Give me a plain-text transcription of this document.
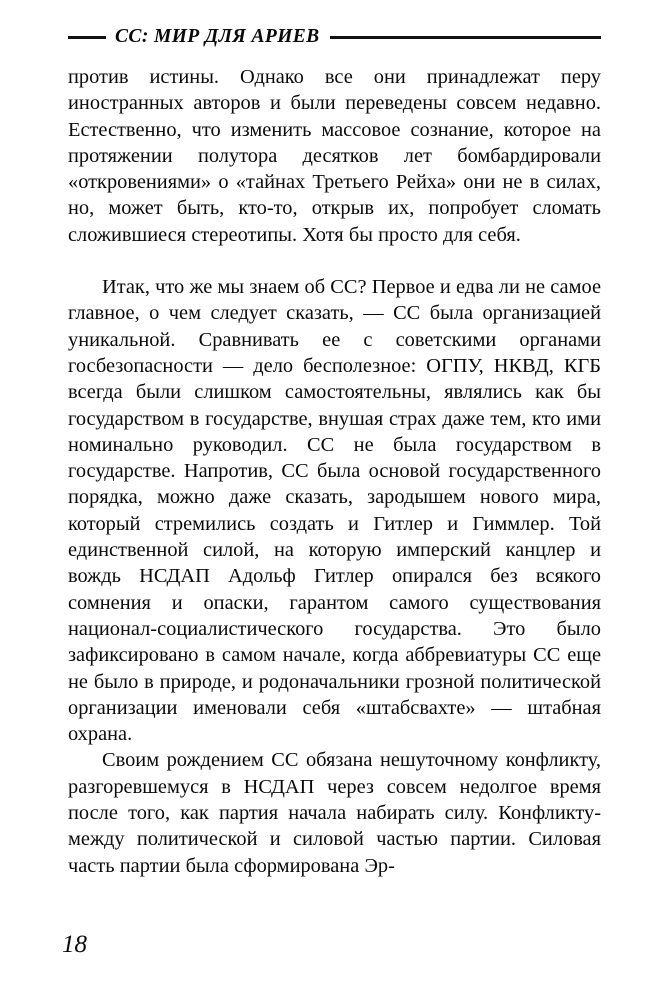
СС: МИР ДЛЯ АРИЕВ

против истины. Однако все они принадлежат перу иностранных авторов и были переведены совсем недавно. Естественно, что изменить массовое сознание, которое на протяжении полутора десятков лет бомбардировали «откровениями» о «тайнах Третьего Рейха» они не в силах, но, может быть, кто-то, открыв их, попробует сломать сложившиеся стереотипы. Хотя бы просто для себя.

Итак, что же мы знаем об СС? Первое и едва ли не самое главное, о чем следует сказать, — СС была организацией уникальной. Сравнивать ее с советскими органами госбезопасности — дело бесполезное: ОГПУ, НКВД, КГБ всегда были слишком самостоятельны, являлись как бы государством в государстве, внушая страх даже тем, кто ими номинально руководил. СС не была государством в государстве. Напротив, СС была основой государственного порядка, можно даже сказать, зародышем нового мира, который стремились создать и Гитлер и Гиммлер. Той единственной силой, на которую имперский канцлер и вождь НСДАП Адольф Гитлер опирался без всякого сомнения и опаски, гарантом самого существования национал-социалистического государства. Это было зафиксировано в самом начале, когда аббревиатуры СС еще не было в природе, и родоначальники грозной политической организации именовали себя «штабсвахте» — штабная охрана.

Своим рождением СС обязана нешуточному конфликту, разгоревшемуся в НСДАП через совсем недолгое время после того, как партия начала набирать силу. Конфликту- между политической и силовой частью партии. Силовая часть партии была сформирована Эр-

18
